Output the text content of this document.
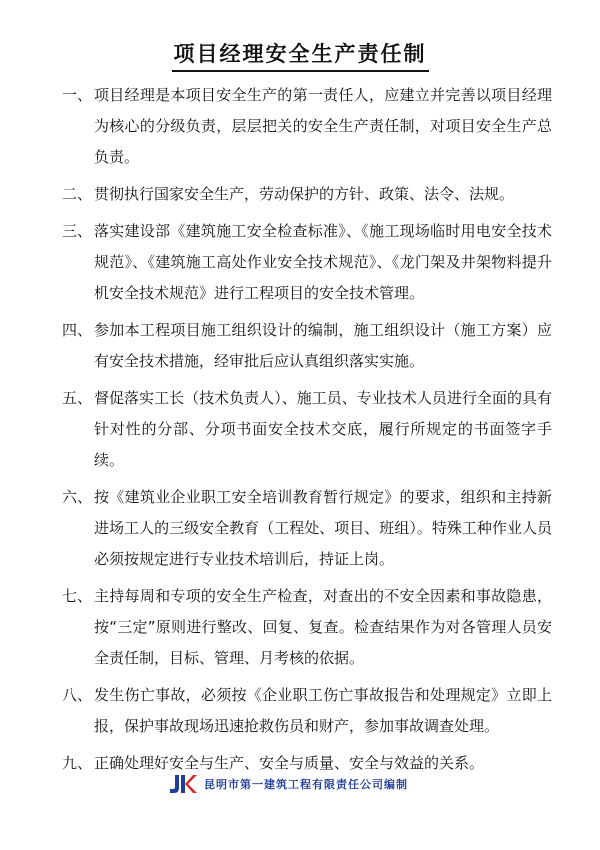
项目经理安全生产责任制
一、 项目经理是本项目安全生产的第一责任人，应建立并完善以项目经理为核心的分级负责，层层把关的安全生产责任制，对项目安全生产总负责。
二、 贯彻执行国家安全生产，劳动保护的方针、政策、法令、法规。
三、 落实建设部《建筑施工安全检查标准》、《施工现场临时用电安全技术规范》、《建筑施工高处作业安全技术规范》、《龙门架及井架物料提升机安全技术规范》进行工程项目的安全技术管理。
四、 参加本工程项目施工组织设计的编制，施工组织设计（施工方案）应有安全技术措施，经审批后应认真组织落实实施。
五、 督促落实工长（技术负责人）、施工员、专业技术人员进行全面的具有针对性的分部、分项书面安全技术交底，履行所规定的书面签字手续。
六、 按《建筑业企业职工安全培训教育暂行规定》的要求，组织和主持新进场工人的三级安全教育（工程处、项目、班组）。特殊工种作业人员必须按规定进行专业技术培训后，持证上岗。
七、 主持每周和专项的安全生产检查，对查出的不安全因素和事故隐患，按“三定”原则进行整改、回复、复查。检查结果作为对各管理人员安全责任制，目标、管理、月考核的依据。
八、 发生伤亡事故，必须按《企业职工伤亡事故报告和处理规定》立即上报，保护事故现场迅速抢救伤员和财产，参加事故调查处理。
九、 正确处理好安全与生产、安全与质量、安全与效益的关系。
昆明市第一建筑工程有限责任公司编制
